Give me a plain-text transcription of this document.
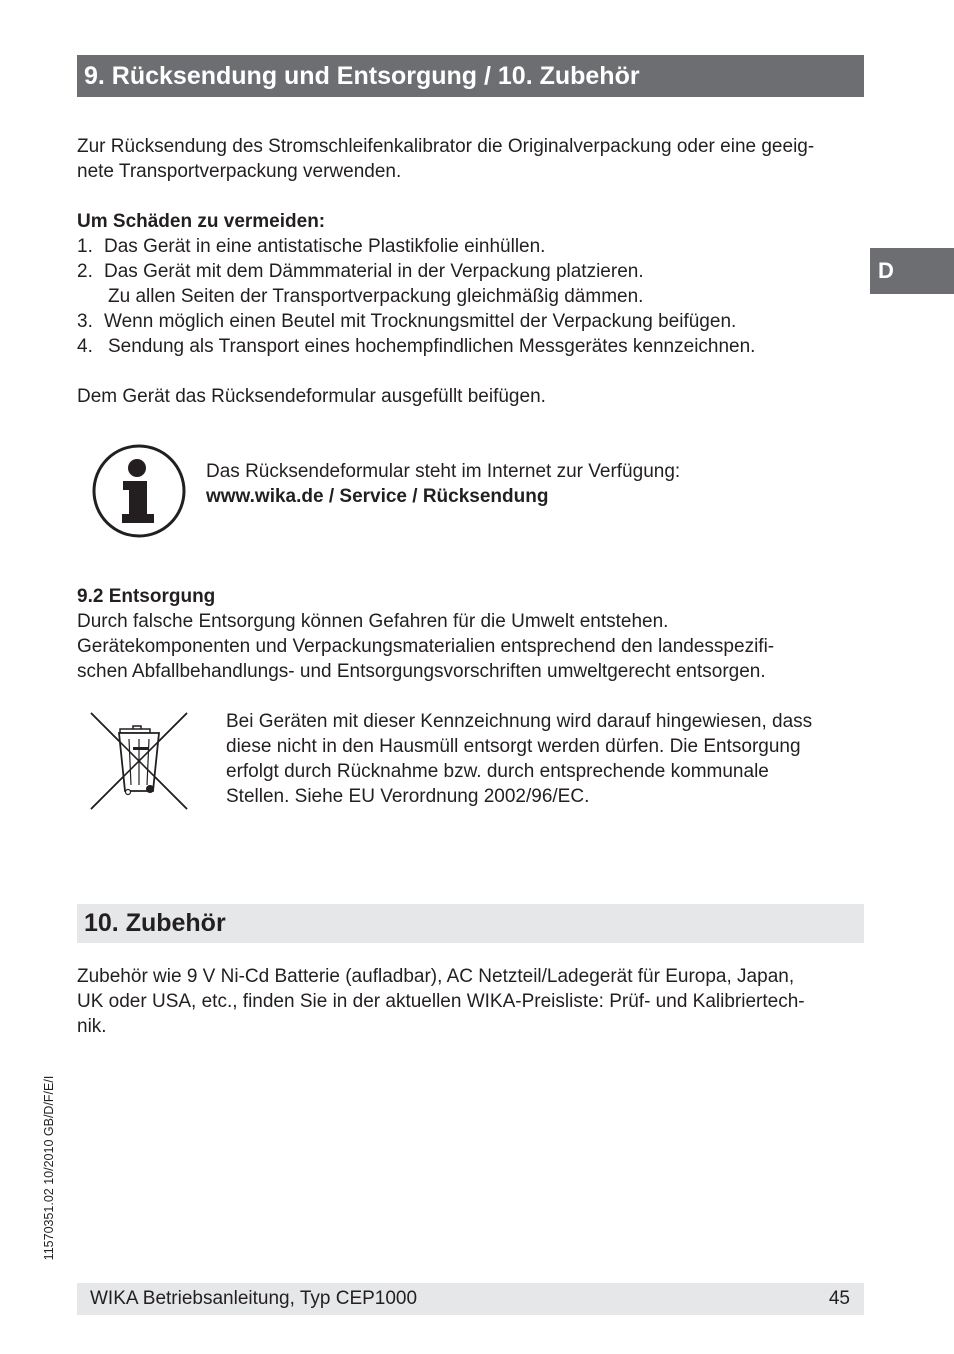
9. Rücksendung und Entsorgung / 10. Zubehör
D
Zur Rücksendung des Stromschleifenkalibrator die Originalverpackung oder eine geeig-
nete Transportverpackung verwenden.
Um Schäden zu vermeiden:
1. Das Gerät in eine antistatische Plastikfolie einhüllen.
2. Das Gerät mit dem Dämmmaterial in der Verpackung platzieren.
Zu allen Seiten der Transportverpackung gleichmäßig dämmen.
3. Wenn möglich einen Beutel mit Trocknungsmittel der Verpackung beifügen.
4. Sendung als Transport eines hochempfindlichen Messgerätes kennzeichnen.
Dem Gerät das Rücksendeformular ausgefüllt beifügen.
Das Rücksendeformular steht im Internet zur Verfügung:
www.wika.de / Service / Rücksendung
9.2 Entsorgung
Durch falsche Entsorgung können Gefahren für die Umwelt entstehen.
Gerätekomponenten und Verpackungsmaterialien entsprechend den landesspezifi-
schen Abfallbehandlungs- und Entsorgungsvorschriften umweltgerecht entsorgen.
Bei Geräten mit dieser Kennzeichnung wird darauf hingewiesen, dass
diese nicht in den Hausmüll entsorgt werden dürfen. Die Entsorgung
erfolgt durch Rücknahme bzw. durch entsprechende kommunale
Stellen. Siehe EU Verordnung 2002/96/EC.
10. Zubehör
Zubehör wie 9 V Ni-Cd Batterie (aufladbar), AC Netzteil/Ladegerät für Europa, Japan,
UK oder USA, etc., finden Sie in der aktuellen WIKA-Preisliste: Prüf- und Kalibriertech-
nik.
11570351.02 10/2010 GB/D/F/E/I
WIKA Betriebsanleitung, Typ CEP1000	45
